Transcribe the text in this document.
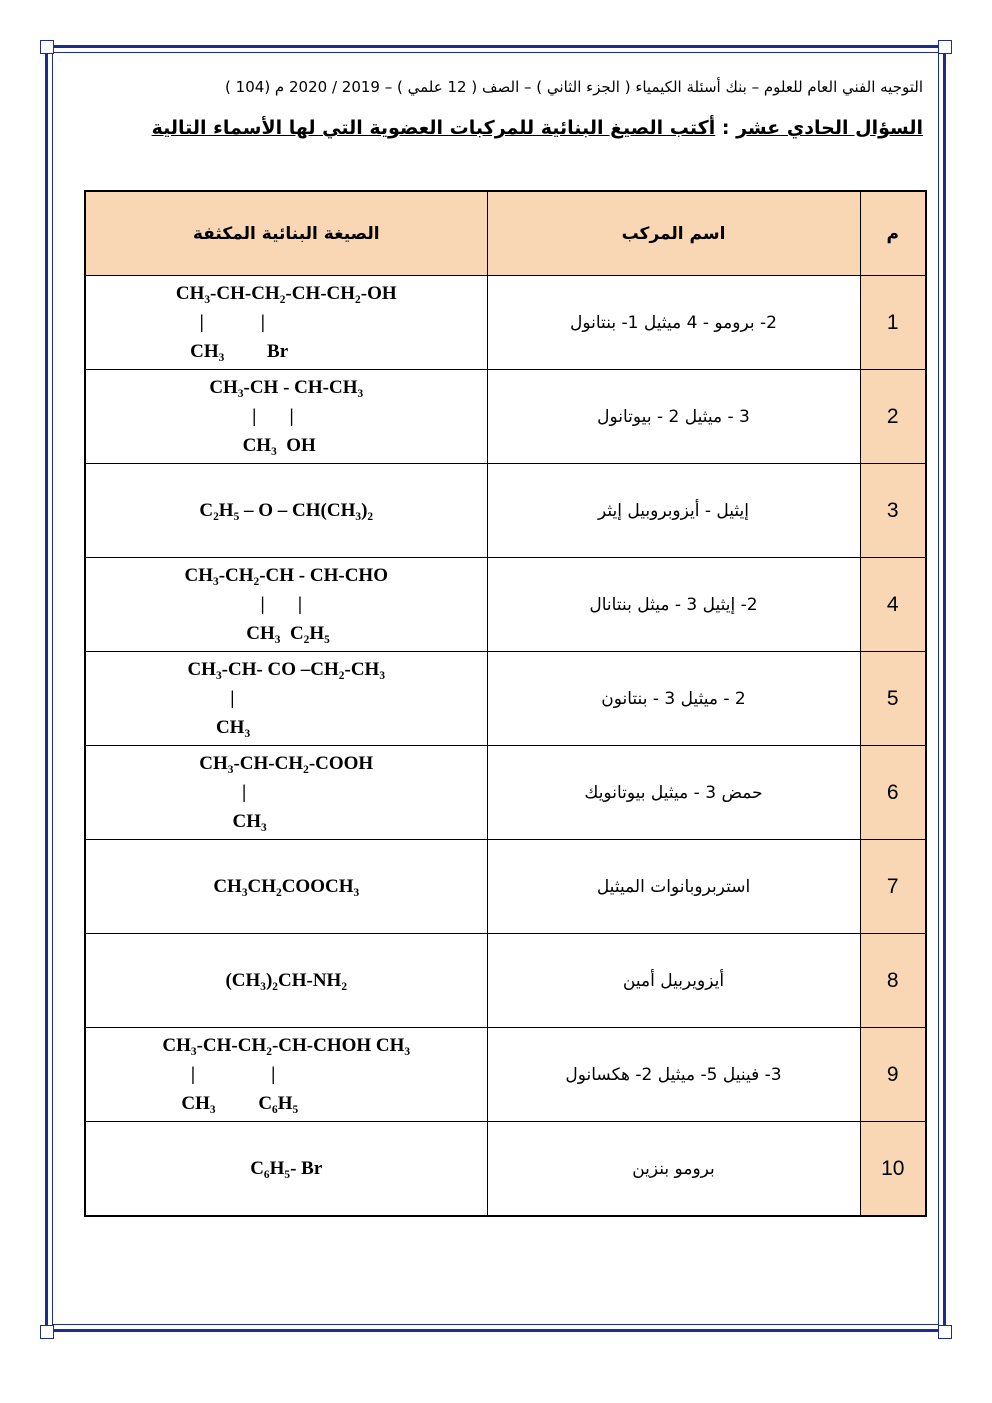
التوجيه الفني العام للعلوم – بنك أسئلة الكيمياء ( الجزء الثاني ) – الصف ( 12 علمي ) – 2019 / 2020 م (104 )
السؤال الحادي عشر : أكتب الصيغ البنائية للمركبات العضوية التي لها الأسماء التالية
م	اسم المركب	الصيغة البنائية المكثفة
1	2- برومو - 4 ميثيل 1- بنتانول	CH₃-CH-CH₂-CH-CH₂-OH
|            |
CH₃         Br

2	3 - ميثيل 2 - بيوتانول	CH₃-CH - CH-CH₃
|       |
CH₃  OH

3	إيثيل - أيزوبروبيل إيثر	C₂H₅ – O – CH(CH₃)₂

4	2- إيثيل 3 - ميثل بنتانال	CH₃-CH₂-CH - CH-CHO
|       |
CH₃  C₂H₅

5	2 - ميثيل 3 - بنتانون	CH₃-CH- CO –CH₂-CH₃
|
CH₃

6	حمض 3 - ميثيل بيوتانويك	CH₃-CH-CH₂-COOH
|
CH₃

7	استربروبانوات الميثيل	CH₃CH₂COOCH₃

8	أيزويربيل أمين	(CH₃)₂CH-NH₂

9	3- فينيل 5- ميثيل 2- هكسانول	CH₃-CH-CH₂-CH-CHOH CH₃
|                |
CH₃         C₆H₅

10	برومو بنزين	C₆H₅- Br
